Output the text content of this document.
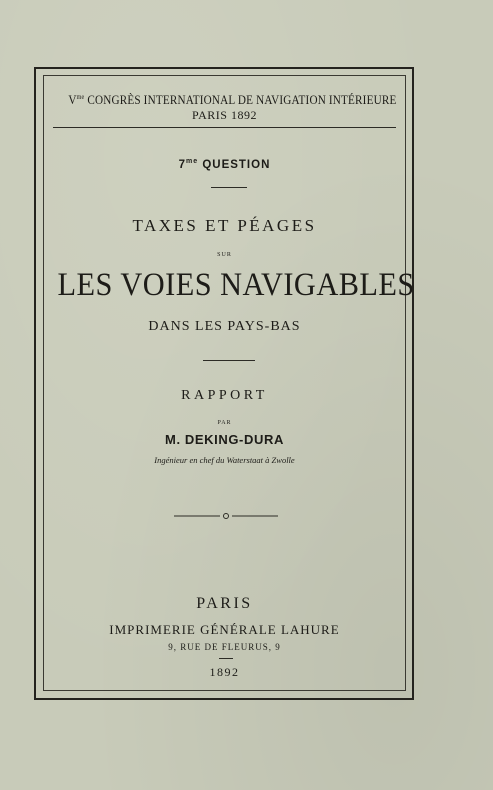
$V^{me}$ CONGRÈS INTERNATIONAL DE NAVIGATION INTÉRIEURE
PARIS 1892
$7^{me}$ QUESTION
TAXES ET PÉAGES
SUR
LES VOIES NAVIGABLES
DANS LES PAYS-BAS
RAPPORT
PAR
M. DEKING-DURA
Ingénieur en chef du Waterstaat à Zwolle
PARIS
IMPRIMERIE GÉNÉRALE LAHURE
9, RUE DE FLEURUS, 9
1892
